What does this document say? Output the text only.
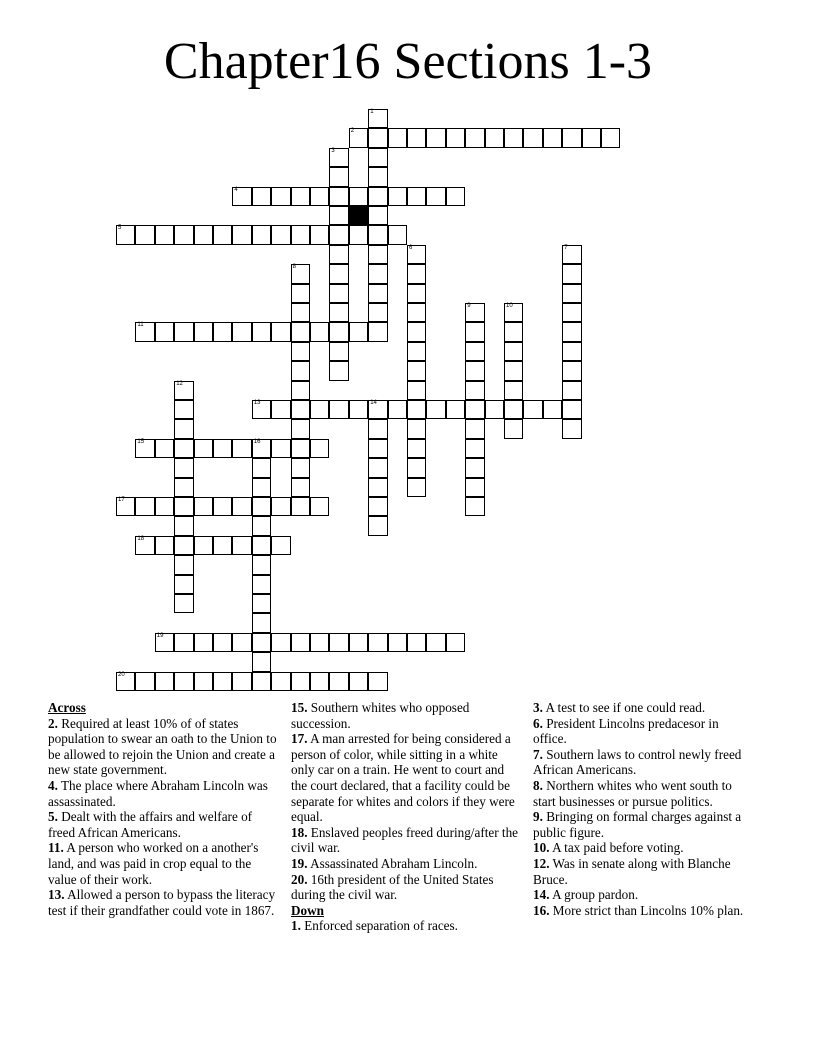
Chapter16 Sections 1-3
1
2
3
4
5
6	7
8
9	10
11
12
13	14
15	16
17
18
19
20
Across
2. Required at least 10% of of states population to swear an oath to the Union to be allowed to rejoin the Union and create a new state government.
4. The place where Abraham Lincoln was assassinated.
5. Dealt with the affairs and welfare of freed African Americans.
11. A person who worked on a another's land, and was paid in crop equal to the value of their work.
13. Allowed a person to bypass the literacy test if their grandfather could vote in 1867.
15. Southern whites who opposed succession.
17. A man arrested for being considered a person of color, while sitting in a white only car on a train. He went to court and the court declared, that a facility could be separate for whites and colors if they were equal.
18. Enslaved peoples freed during/after the civil war.
19. Assassinated Abraham Lincoln.
20. 16th president of the United States during the civil war.
Down
1. Enforced separation of races.
3. A test to see if one could read.
6. President Lincolns predacesor in office.
7. Southern laws to control newly freed African Americans.
8. Northern whites who went south to start businesses or pursue politics.
9. Bringing on formal charges against a public figure.
10. A tax paid before voting.
12. Was in senate along with Blanche Bruce.
14. A group pardon.
16. More strict than Lincolns 10% plan.
